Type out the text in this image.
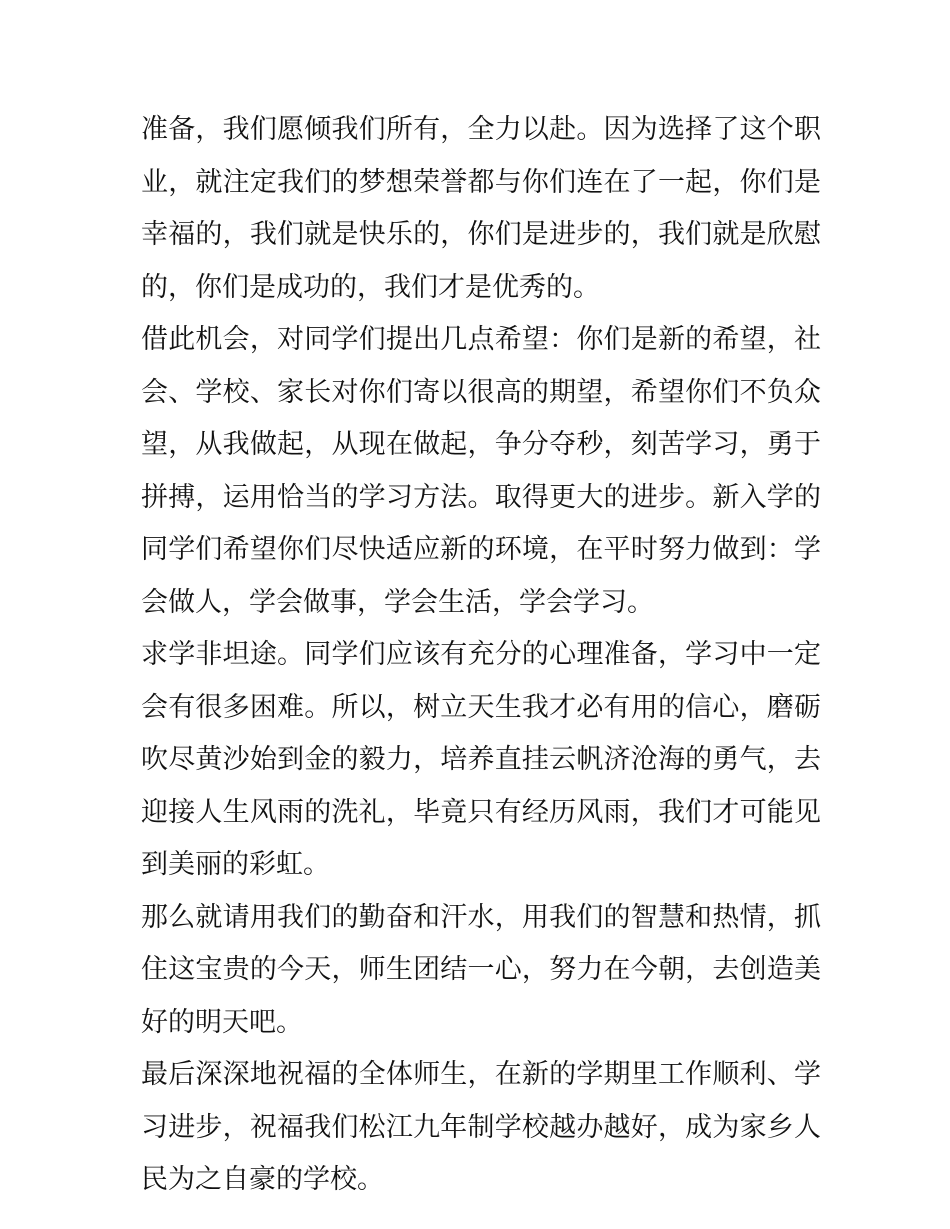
准备，我们愿倾我们所有，全力以赴。因为选择了这个职业，就注定我们的梦想荣誉都与你们连在了一起，你们是幸福的，我们就是快乐的，你们是进步的，我们就是欣慰的，你们是成功的，我们才是优秀的。

借此机会，对同学们提出几点希望：你们是新的希望，社会、学校、家长对你们寄以很高的期望，希望你们不负众望，从我做起，从现在做起，争分夺秒，刻苦学习，勇于拼搏，运用恰当的学习方法。取得更大的进步。新入学的同学们希望你们尽快适应新的环境，在平时努力做到：学会做人，学会做事，学会生活，学会学习。

求学非坦途。同学们应该有充分的心理准备，学习中一定会有很多困难。所以，树立天生我才必有用的信心，磨砺吹尽黄沙始到金的毅力，培养直挂云帆济沧海的勇气，去迎接人生风雨的洗礼，毕竟只有经历风雨，我们才可能见到美丽的彩虹。

那么就请用我们的勤奋和汗水，用我们的智慧和热情，抓住这宝贵的今天，师生团结一心，努力在今朝，去创造美好的明天吧。

最后深深地祝福的全体师生，在新的学期里工作顺利、学习进步，祝福我们松江九年制学校越办越好，成为家乡人民为之自豪的学校。
